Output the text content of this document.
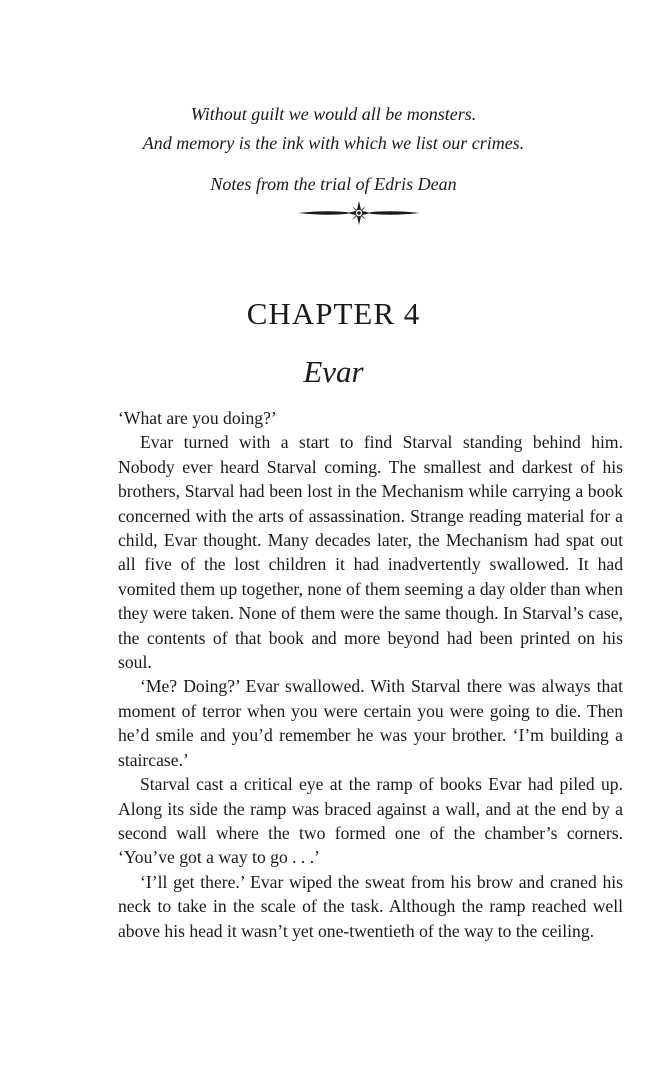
Without guilt we would all be monsters.
And memory is the ink with which we list our crimes.
Notes from the trial of Edris Dean
CHAPTER 4
Evar

‘What are you doing?’

Evar turned with a start to find Starval standing behind him. Nobody ever heard Starval coming. The smallest and darkest of his brothers, Starval had been lost in the Mechanism while carrying a book concerned with the arts of assassination. Strange reading material for a child, Evar thought. Many decades later, the Mechanism had spat out all five of the lost children it had inadvertently swallowed. It had vomited them up together, none of them seeming a day older than when they were taken. None of them were the same though. In Starval’s case, the contents of that book and more beyond had been printed on his soul.

‘Me? Doing?’ Evar swallowed. With Starval there was always that moment of terror when you were certain you were going to die. Then he’d smile and you’d remember he was your brother. ‘I’m building a staircase.’

Starval cast a critical eye at the ramp of books Evar had piled up. Along its side the ramp was braced against a wall, and at the end by a second wall where the two formed one of the chamber’s corners. ‘You’ve got a way to go . . .’

‘I’ll get there.’ Evar wiped the sweat from his brow and craned his neck to take in the scale of the task. Although the ramp reached well above his head it wasn’t yet one-twentieth of the way to the ceiling.
